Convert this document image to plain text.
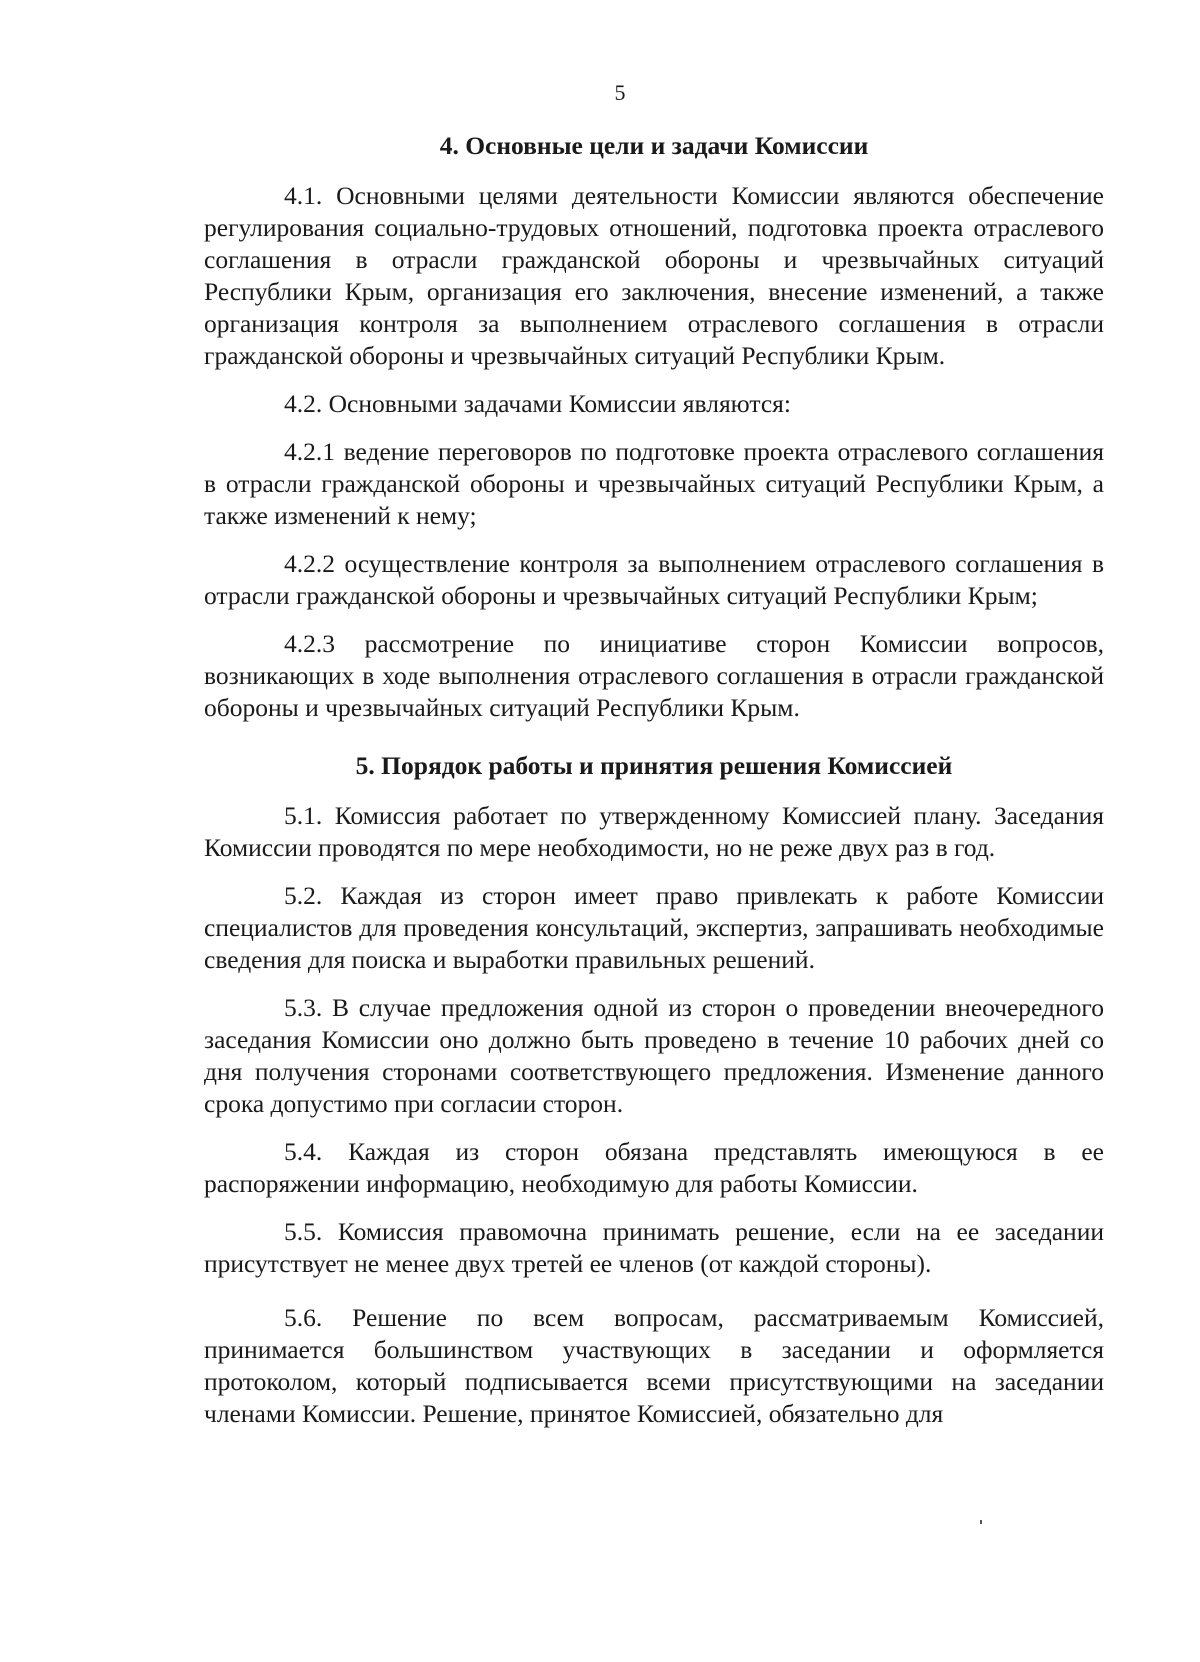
5
4. Основные цели и задачи Комиссии

4.1. Основными целями деятельности Комиссии являются обеспечение регулирования социально-трудовых отношений, подготовка проекта отраслевого соглашения в отрасли гражданской обороны и чрезвычайных ситуаций Республики Крым, организация его заключения, внесение изменений, а также организация контроля за выполнением отраслевого соглашения в отрасли гражданской обороны и чрезвычайных ситуаций Республики Крым.

4.2. Основными задачами Комиссии являются:

4.2.1 ведение переговоров по подготовке проекта отраслевого соглашения в отрасли гражданской обороны и чрезвычайных ситуаций Республики Крым, а также изменений к нему;

4.2.2 осуществление контроля за выполнением отраслевого соглашения в отрасли гражданской обороны и чрезвычайных ситуаций Республики Крым;

4.2.3 рассмотрение по инициативе сторон Комиссии вопросов, возникающих в ходе выполнения отраслевого соглашения в отрасли гражданской обороны и чрезвычайных ситуаций Республики Крым.

5. Порядок работы и принятия решения Комиссией

5.1. Комиссия работает по утвержденному Комиссией плану. Заседания Комиссии проводятся по мере необходимости, но не реже двух раз в год.

5.2. Каждая из сторон имеет право привлекать к работе Комиссии специалистов для проведения консультаций, экспертиз, запрашивать необходимые сведения для поиска и выработки правильных решений.

5.3. В случае предложения одной из сторон о проведении внеочередного заседания Комиссии оно должно быть проведено в течение 10 рабочих дней со дня получения сторонами соответствующего предложения. Изменение данного срока допустимо при согласии сторон.

5.4. Каждая из сторон обязана представлять имеющуюся в ее распоряжении информацию, необходимую для работы Комиссии.

5.5. Комиссия правомочна принимать решение, если на ее заседании присутствует не менее двух третей ее членов (от каждой стороны).

5.6. Решение по всем вопросам, рассматриваемым Комиссией, принимается большинством участвующих в заседании и оформляется протоколом, который подписывается всеми присутствующими на заседании членами Комиссии. Решение, принятое Комиссией, обязательно для
